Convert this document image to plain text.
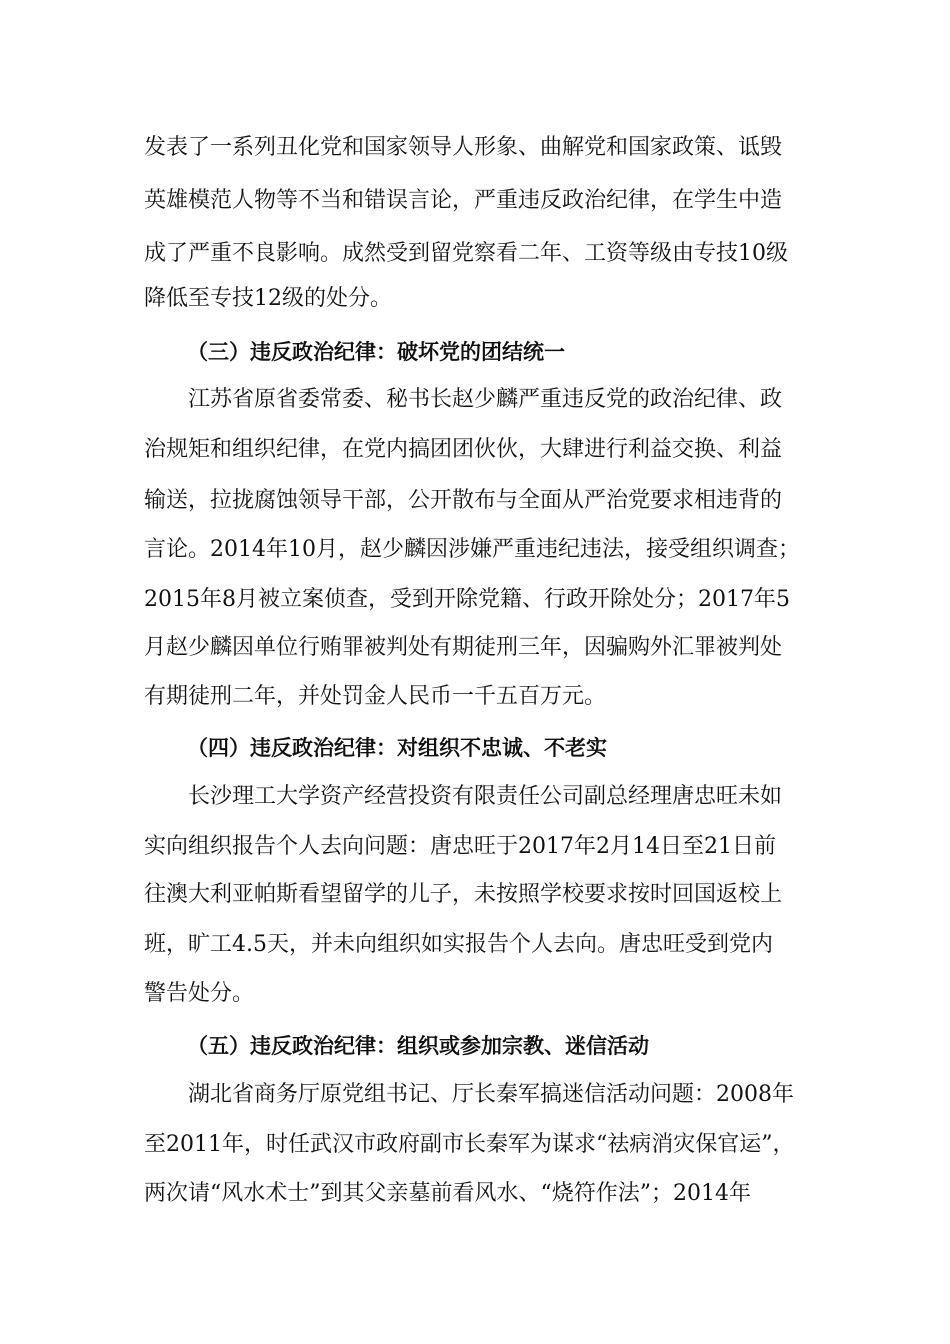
发表了一系列丑化党和国家领导人形象、曲解党和国家政策、诋毁
英雄模范人物等不当和错误言论，严重违反政治纪律，在学生中造
成了严重不良影响。成然受到留党察看二年、工资等级由专技10级
降低至专技12级的处分。
（三）违反政治纪律：破坏党的团结统一
江苏省原省委常委、秘书长赵少麟严重违反党的政治纪律、政
治规矩和组织纪律，在党内搞团团伙伙，大肆进行利益交换、利益
输送，拉拢腐蚀领导干部，公开散布与全面从严治党要求相违背的
言论。2014年10月，赵少麟因涉嫌严重违纪违法，接受组织调查；
2015年8月被立案侦查，受到开除党籍、行政开除处分；2017年5
月赵少麟因单位行贿罪被判处有期徒刑三年，因骗购外汇罪被判处
有期徒刑二年，并处罚金人民币一千五百万元。
（四）违反政治纪律：对组织不忠诚、不老实
长沙理工大学资产经营投资有限责任公司副总经理唐忠旺未如
实向组织报告个人去向问题：唐忠旺于2017年2月14日至21日前
往澳大利亚帕斯看望留学的儿子，未按照学校要求按时回国返校上
班，旷工4.5天，并未向组织如实报告个人去向。唐忠旺受到党内
警告处分。
（五）违反政治纪律：组织或参加宗教、迷信活动
湖北省商务厅原党组书记、厅长秦军搞迷信活动问题：2008年
至2011年，时任武汉市政府副市长秦军为谋求“祛病消灾保官运”，
两次请“风水术士”到其父亲墓前看风水、“烧符作法”；2014年
